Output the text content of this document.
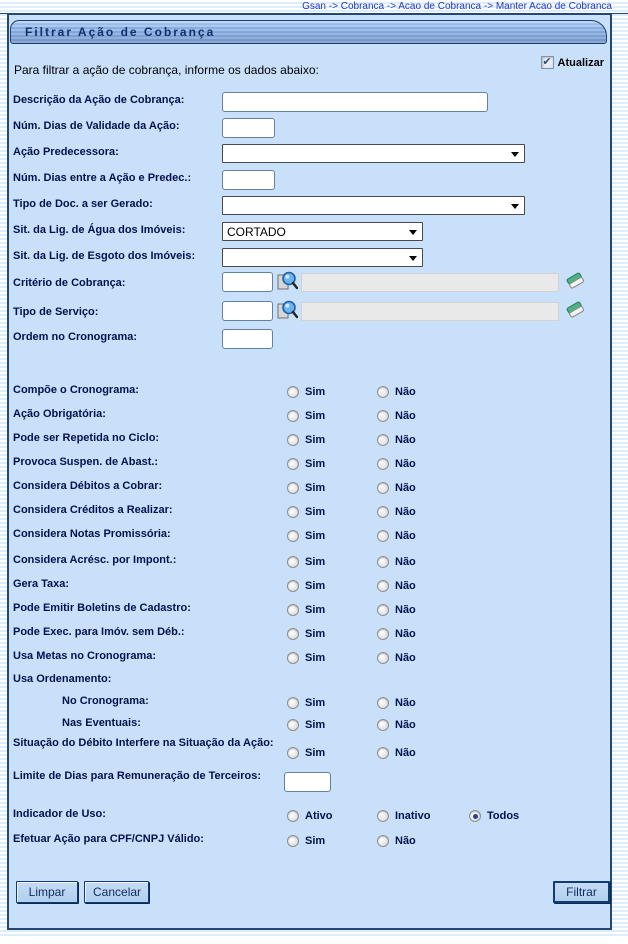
Gsan -> Cobranca -> Acao de Cobranca -> Manter Acao de Cobranca
Filtrar Ação de Cobrança
Para filtrar a ação de cobrança, informe os dados abaixo:
✔ Atualizar
Descrição da Ação de Cobrança:
Núm. Dias de Validade da Ação:
Ação Predecessora:
Núm. Dias entre a Ação e Predec.:
Tipo de Doc. a ser Gerado:
Sit. da Lig. de Água dos Imóveis:	CORTADO
Sit. da Lig. de Esgoto dos Imóveis:
Critério de Cobrança:
Tipo de Serviço:
Ordem no Cronograma:
Compõe o Cronograma:	Sim	Não
Ação Obrigatória:	Sim	Não
Pode ser Repetida no Ciclo:	Sim	Não
Provoca Suspen. de Abast.:	Sim	Não
Considera Débitos a Cobrar:	Sim	Não
Considera Créditos a Realizar:	Sim	Não
Considera Notas Promissória:	Sim	Não
Considera Acrésc. por Impont.:	Sim	Não
Gera Taxa:	Sim	Não
Pode Emitir Boletins de Cadastro:	Sim	Não
Pode Exec. para Imóv. sem Déb.:	Sim	Não
Usa Metas no Cronograma:	Sim	Não
Usa Ordenamento:
No Cronograma:	Sim	Não
Nas Eventuais:	Sim	Não
Situação do Débito Interfere na Situação da Ação:
Sim	Não
Limite de Dias para Remuneração de Terceiros:
Indicador de Uso:	Ativo	Inativo	Todos
Efetuar Ação para CPF/CNPJ Válido:	Sim	Não
Limpar	Cancelar	Filtrar
